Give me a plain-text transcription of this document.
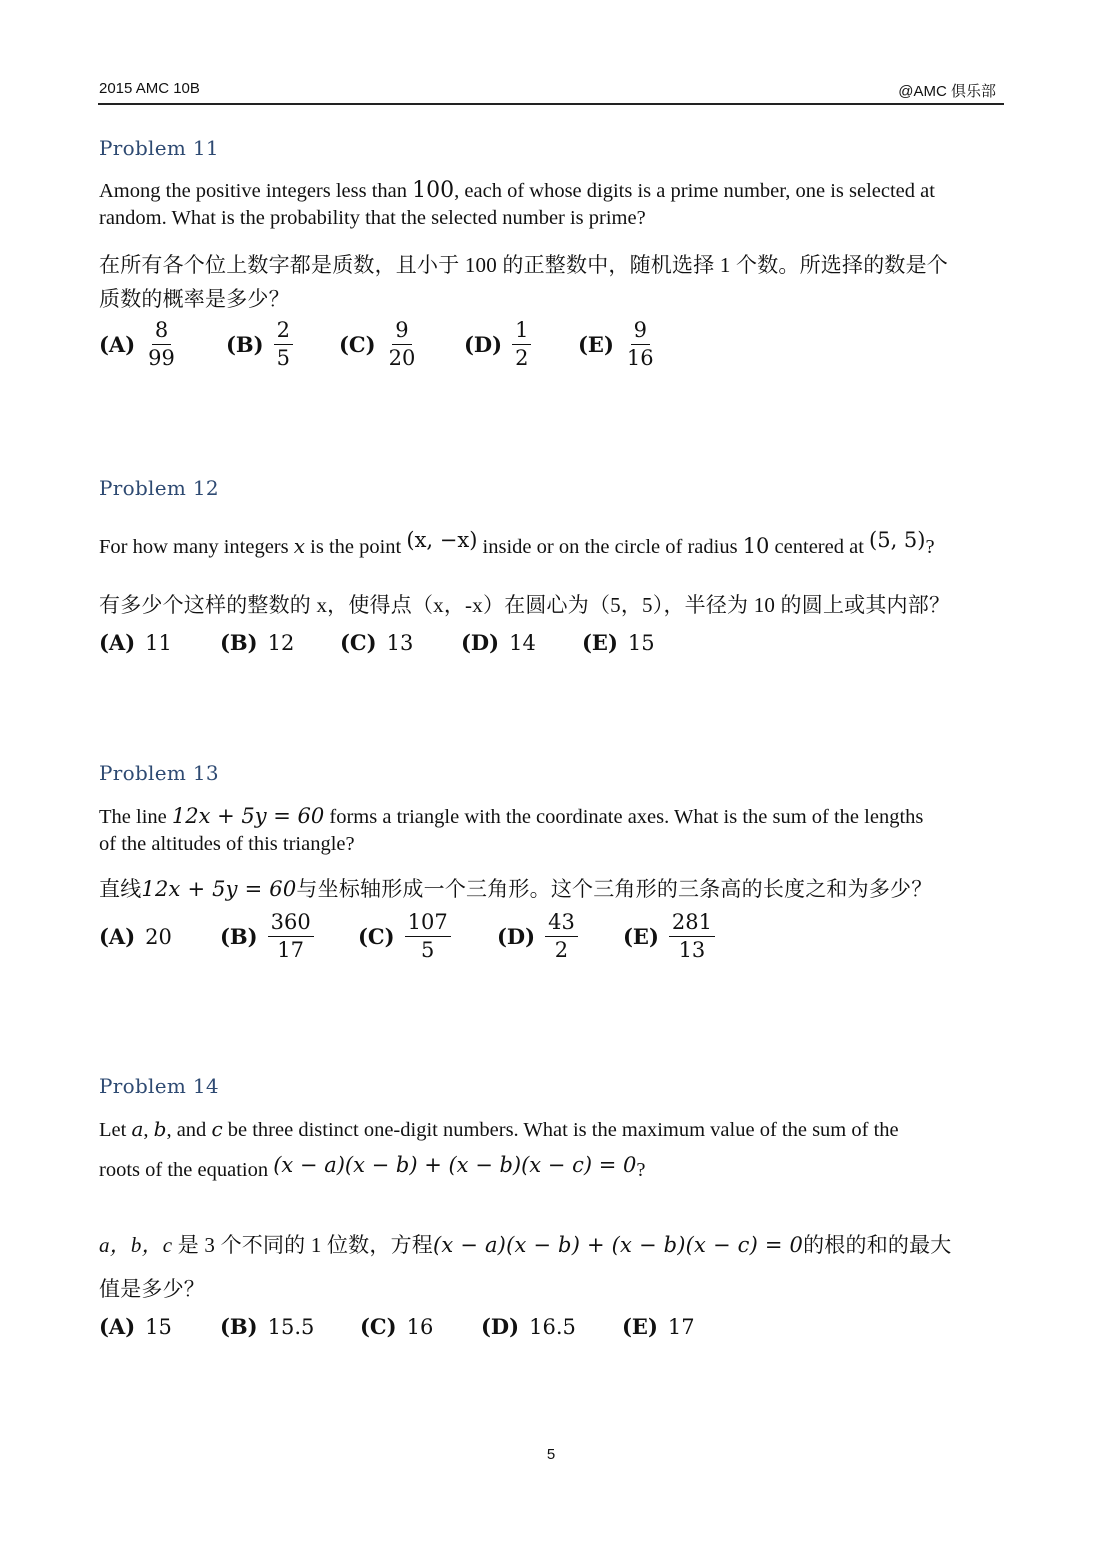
2015 AMC 10B	@AMC 俱乐部
Problem 11
Among the positive integers less than 100, each of whose digits is a prime number, one is selected at
random. What is the probability that the selected number is prime?
在所有各个位上数字都是质数，且小于 100 的正整数中，随机选择 1 个数。所选择的数是个
质数的概率是多少？
$(A) \frac{8}{99} (B) \frac{2}{5} (C) \frac{9}{20} (D) \frac{1}{2} (E) \frac{9}{16}$
Problem 12
For how many integers x is the point (x, −x) inside or on the circle of radius 10 centered at (5, 5)?
有多少个这样的整数的 x，使得点（x，-x）在圆心为（5，5），半径为 10 的圆上或其内部？
(A) 11 (B) 12 (C) 13 (D) 14 (E) 15
Problem 13
The line 12x + 5y = 60 forms a triangle with the coordinate axes. What is the sum of the lengths
of the altitudes of this triangle?
直线12x + 5y = 60与坐标轴形成一个三角形。这个三角形的三条高的长度之和为多少？
(A) 20 $(B) \frac{360}{17} (C) \frac{107}{5} (D) \frac{43}{2} (E) \frac{281}{13}$
Problem 14
Let a, b, and c be three distinct one-digit numbers. What is the maximum value of the sum of the
roots of the equation (x − a)(x − b) + (x − b)(x − c) = 0?
a，b，c 是 3 个不同的 1 位数，方程(x − a)(x − b) + (x − b)(x − c) = 0的根的和的最大
值是多少？
(A) 15 (B) 15.5 (C) 16 (D) 16.5 (E) 17
5
